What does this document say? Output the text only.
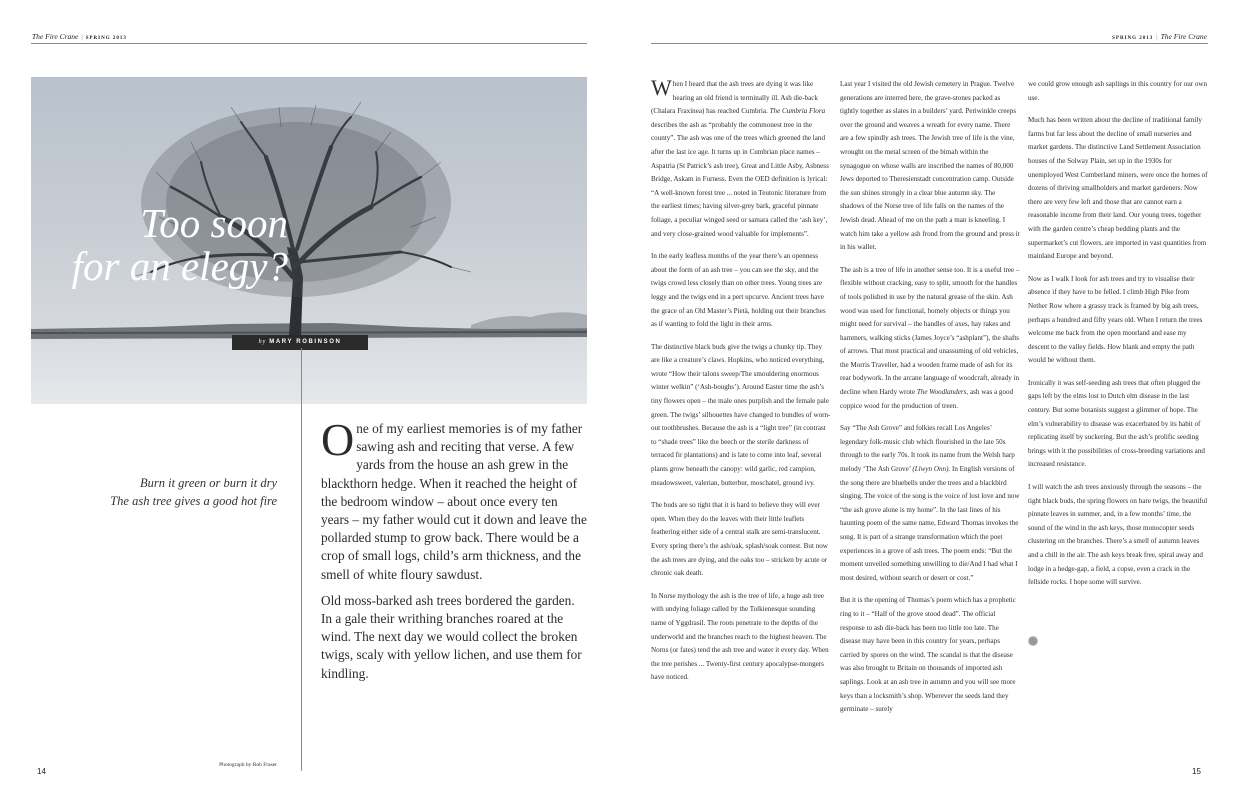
The Fire Crane | SPRING 2013	SPRING 2013 | The Fire Crane
Too soon
for an elegy?
by MARY ROBINSON
Burn it green or burn it dry
The ash tree gives a good hot fire

One of my earliest memories is of my father sawing ash and reciting that verse. A few yards from the house an ash grew in the blackthorn hedge. When it reached the height of the bedroom window – about once every ten years – my father would cut it down and leave the pollarded stump to grow back. There would be a crop of small logs, child’s arm thickness, and the smell of white floury sawdust.

Old moss-barked ash trees bordered the garden. In a gale their writhing branches roared at the wind. The next day we would collect the broken twigs, scaly with yellow lichen, and use them for kindling.

Photograph by Rob Fraser
14	15

When I heard that the ash trees are dying it was like hearing an old friend is terminally ill. Ash die-back (Chalara Fraxinea) has reached Cumbria. The Cumbria Flora describes the ash as “probably the commonest tree in the county”. The ash was one of the trees which greened the land after the last ice age. It turns up in Cumbrian place names – Aspatria (St Patrick’s ash tree), Great and Little Asby, Asbness Bridge, Askam in Furness. Even the OED definition is lyrical: “A well-known forest tree ... noted in Teutonic literature from the earliest times; having silver-grey bark, graceful pinnate foliage, a peculiar winged seed or samara called the ‘ash key’, and very close-grained wood valuable for implements”.

In the early leafless months of the year there’s an openness about the form of an ash tree – you can see the sky, and the twigs crowd less closely than on other trees. Young trees are leggy and the twigs end in a pert upcurve. Ancient trees have the grace of an Old Master’s Pietà, holding out their branches as if wanting to fold the light in their arms.

The distinctive black buds give the twigs a chunky tip. They are like a creature’s claws. Hopkins, who noticed everything, wrote “How their talons sweep/The smouldering enormous winter welkin” (‘Ash-boughs’). Around Easter time the ash’s tiny flowers open – the male ones purplish and the female pale green. The twigs’ silhouettes have changed to bundles of worn-out toothbrushes. Because the ash is a “light tree” (in contrast to “shade trees” like the beech or the sterile darkness of terraced fir plantations) and is late to come into leaf, several plants grow beneath the canopy: wild garlic, red campion, meadowsweet, valerian, butterbur, moschatel, ground ivy.

The buds are so tight that it is hard to believe they will ever open. When they do the leaves with their little leaflets feathering either side of a central stalk are semi-translucent. Every spring there’s the ash/oak, splash/soak contest. But now the ash trees are dying, and the oaks too – stricken by acute or chronic oak death.

In Norse mythology the ash is the tree of life, a huge ash tree with undying foliage called by the Tolkienesque sounding name of Yggdrasil. The roots penetrate to the depths of the underworld and the branches reach to the highest heaven. The Norns (or fates) tend the ash tree and water it every day. When the tree perishes ... Twenty-first century apocalypse-mongers have noticed.

Last year I visited the old Jewish cemetery in Prague. Twelve generations are interred here, the grave-stones packed as tightly together as slates in a builders’ yard. Periwinkle creeps over the ground and weaves a wreath for every name. There are a few spindly ash trees. The Jewish tree of life is the vine, wrought on the metal screen of the bimah within the synagogue on whose walls are inscribed the names of 80,000 Jews deported to Theresienstadt concentration camp. Outside the sun shines strongly in a clear blue autumn sky. The shadows of the Norse tree of life falls on the names of the Jewish dead. Ahead of me on the path a man is kneeling. I watch him take a yellow ash frond from the ground and press it in his wallet.

The ash is a tree of life in another sense too. It is a useful tree – flexible without cracking, easy to split, smooth for the handles of tools polished in use by the natural grease of the skin. Ash wood was used for functional, homely objects or things you might need for survival – the handles of axes, hay rakes and hammers, walking sticks (James Joyce’s “ashplant”), the shafts of arrows. That most practical and unassuming of old vehicles, the Morris Traveller, had a wooden frame made of ash for its rear bodywork. In the arcane language of woodcraft, already in decline when Hardy wrote The Woodlanders, ash was a good coppice wood for the production of treen.

Say “The Ash Grove” and folkies recall Los Angeles’ legendary folk-music club which flourished in the late 50s through to the early 70s. It took its name from the Welsh harp melody ‘The Ash Grove’ (Llwyn Onn). In English versions of the song there are bluebells under the trees and a blackbird singing. The voice of the song is the voice of lost love and now “the ash grove alone is my home”. In the last lines of his haunting poem of the same name, Edward Thomas invokes the song. It is part of a strange transformation which the poet experiences in a grove of ash trees. The poem ends: “But the moment unveiled something unwilling to die/And I had what I most desired, without search or desert or cost.”

But it is the opening of Thomas’s poem which has a prophetic ring to it – “Half of the grove stood dead”. The official response to ash die-back has been too little too late. The disease may have been in this country for years, perhaps carried by spores on the wind. The scandal is that the disease was also brought to Britain on thousands of imported ash saplings. Look at an ash tree in autumn and you will see more keys than a locksmith’s shop. Wherever the seeds land they germinate – surely

we could grow enough ash saplings in this country for our own use.

Much has been written about the decline of traditional family farms but far less about the decline of small nurseries and market gardens. The distinctive Land Settlement Association houses of the Solway Plain, set up in the 1930s for unemployed West Cumberland miners, were once the homes of dozens of thriving smallholders and market gardeners. Now there are very few left and those that are cannot earn a reasonable income from their land. Our young trees, together with the garden centre’s cheap bedding plants and the supermarket’s cut flowers, are imported in vast quantities from mainland Europe and beyond.

Now as I walk I look for ash trees and try to visualise their absence if they have to be felled. I climb High Pike from Nether Row where a grassy track is framed by big ash trees, perhaps a hundred and fifty years old. When I return the trees welcome me back from the open moorland and ease my descent to the valley fields. How blank and empty the path would be without them.

Ironically it was self-seeding ash trees that often plugged the gaps left by the elms lost to Dutch elm disease in the last century. But some botanists suggest a glimmer of hope. The elm’s vulnerability to disease was exacerbated by its habit of replicating itself by suckering. But the ash’s prolific seeding brings with it the possibilities of cross-breeding variations and increased resistance.

I will watch the ash trees anxiously through the seasons – the tight black buds, the spring flowers on bare twigs, the beautiful pinnate leaves in summer, and, in a few months’ time, the sound of the wind in the ash keys, those monocopter seeds clustering on the branches. There’s a smell of autumn leaves and a chill in the air. The ash keys break free, spiral away and lodge in a hedge-gap, a field, a copse, even a crack in the fellside rocks. I hope some will survive.
